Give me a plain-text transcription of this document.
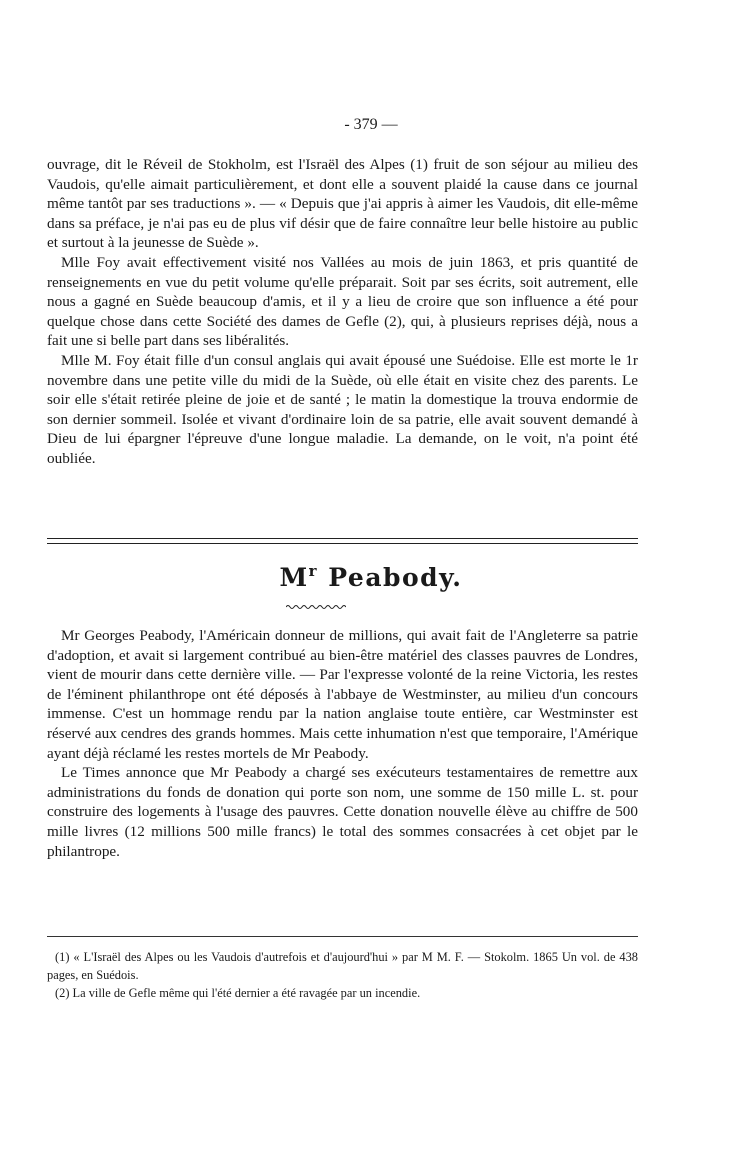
- 379 —

ouvrage, dit le Réveil de Stokholm, est l'Israël des Alpes (1) fruit de son séjour au milieu des Vaudois, qu'elle aimait particulièrement, et dont elle a souvent plaidé la cause dans ce journal même tantôt par ses traductions ». — « Depuis que j'ai appris à aimer les Vaudois, dit elle-même dans sa préface, je n'ai pas eu de plus vif désir que de faire connaître leur belle histoire au public et surtout à la jeunesse de Suède ».

Mlle Foy avait effectivement visité nos Vallées au mois de juin 1863, et pris quantité de renseignements en vue du petit volume qu'elle préparait. Soit par ses écrits, soit autrement, elle nous a gagné en Suède beaucoup d'amis, et il y a lieu de croire que son influence a été pour quelque chose dans cette Société des dames de Gefle (2), qui, à plusieurs reprises déjà, nous a fait une si belle part dans ses libéralités.

Mlle M. Foy était fille d'un consul anglais qui avait épousé une Suédoise. Elle est morte le 1r novembre dans une petite ville du midi de la Suède, où elle était en visite chez des parents. Le soir elle s'était retirée pleine de joie et de santé ; le matin la domestique la trouva endormie de son dernier sommeil. Isolée et vivant d'ordinaire loin de sa patrie, elle avait souvent demandé à Dieu de lui épargner l'épreuve d'une longue maladie. La demande, on le voit, n'a point été oubliée.

$M^r$ Peabody.

Mr Georges Peabody, l'Américain donneur de millions, qui avait fait de l'Angleterre sa patrie d'adoption, et avait si largement contribué au bien-être matériel des classes pauvres de Londres, vient de mourir dans cette dernière ville. — Par l'expresse volonté de la reine Victoria, les restes de l'éminent philanthrope ont été déposés à l'abbaye de Westminster, au milieu d'un concours immense. C'est un hommage rendu par la nation anglaise toute entière, car Westminster est réservé aux cendres des grands hommes. Mais cette inhumation n'est que temporaire, l'Amérique ayant déjà réclamé les restes mortels de Mr Peabody.

Le Times annonce que Mr Peabody a chargé ses exécuteurs testamentaires de remettre aux administrations du fonds de donation qui porte son nom, une somme de 150 mille L. st. pour construire des logements à l'usage des pauvres. Cette donation nouvelle élève au chiffre de 500 mille livres (12 millions 500 mille francs) le total des sommes consacrées à cet objet par le philantrope.

(1) « L'Israël des Alpes ou les Vaudois d'autrefois et d'aujourd'hui » par M M. F. — Stokolm. 1865 Un vol. de 438 pages, en Suédois.

(2) La ville de Gefle même qui l'été dernier a été ravagée par un incendie.
